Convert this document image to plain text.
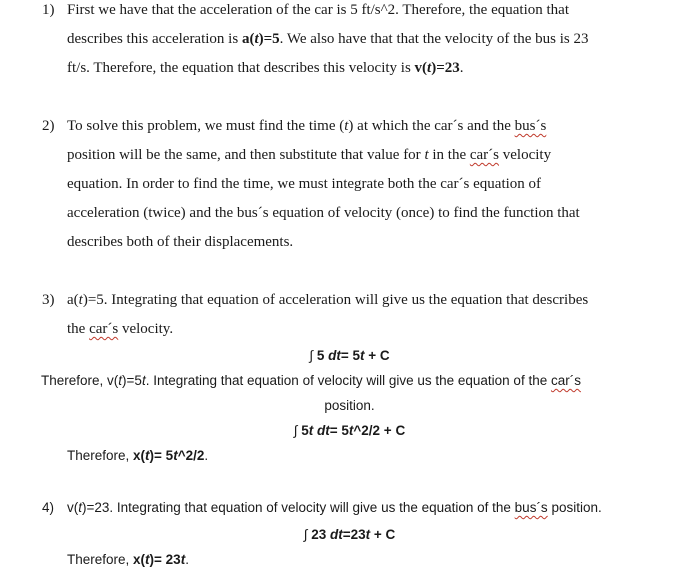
1) First we have that the acceleration of the car is 5 ft/s^2. Therefore, the equation that
describes this acceleration is a(t)=5. We also have that that the velocity of the bus is 23
ft/s. Therefore, the equation that describes this velocity is v(t)=23.
2) To solve this problem, we must find the time (t) at which the car´s and the bus´s
position will be the same, and then substitute that value for t in the car´s velocity
equation. In order to find the time, we must integrate both the car´s equation of
acceleration (twice) and the bus´s equation of velocity (once) to find the function that
describes both of their displacements.
3) a(t)=5. Integrating that equation of acceleration will give us the equation that describes
the car´s velocity.
∫ 5 dt= 5t + C
Therefore, v(t)=5t. Integrating that equation of velocity will give us the equation of the car´s
position.
∫ 5t dt= 5t^2/2 + C
Therefore, x(t)= 5t^2/2.
4) v(t)=23. Integrating that equation of velocity will give us the equation of the bus´s position.
∫ 23 dt=23t + C
Therefore, x(t)= 23t.
